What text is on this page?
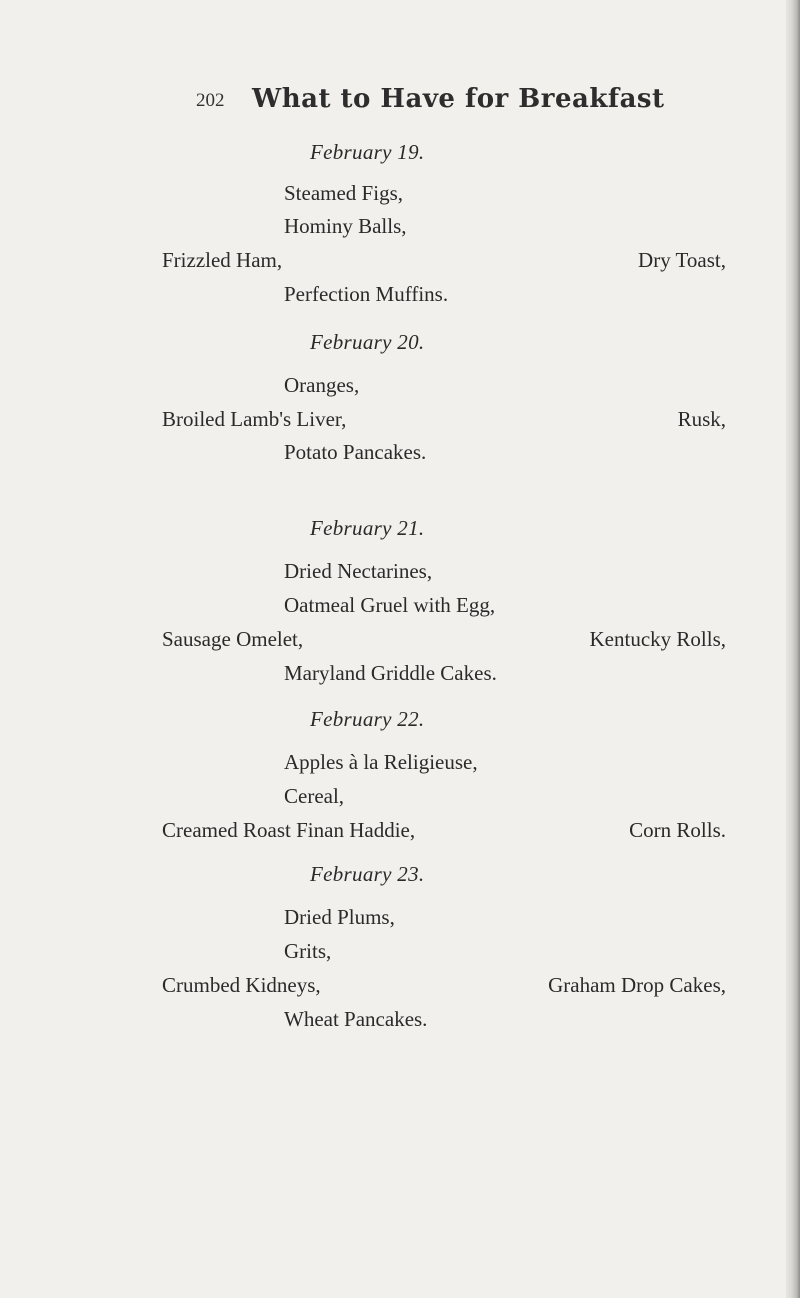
202 What to Have for Breakfast
February 19.
Steamed Figs,
Hominy Balls,
Frizzled Ham,	Dry Toast,
Perfection Muffins.
February 20.
Oranges,
Broiled Lamb's Liver,	Rusk,
Potato Pancakes.
February 21.
Dried Nectarines,
Oatmeal Gruel with Egg,
Sausage Omelet,	Kentucky Rolls,
Maryland Griddle Cakes.
February 22.
Apples à la Religieuse,
Cereal,
Creamed Roast Finan Haddie,	Corn Rolls.
February 23.
Dried Plums,
Grits,
Crumbed Kidneys,	Graham Drop Cakes,
Wheat Pancakes.
